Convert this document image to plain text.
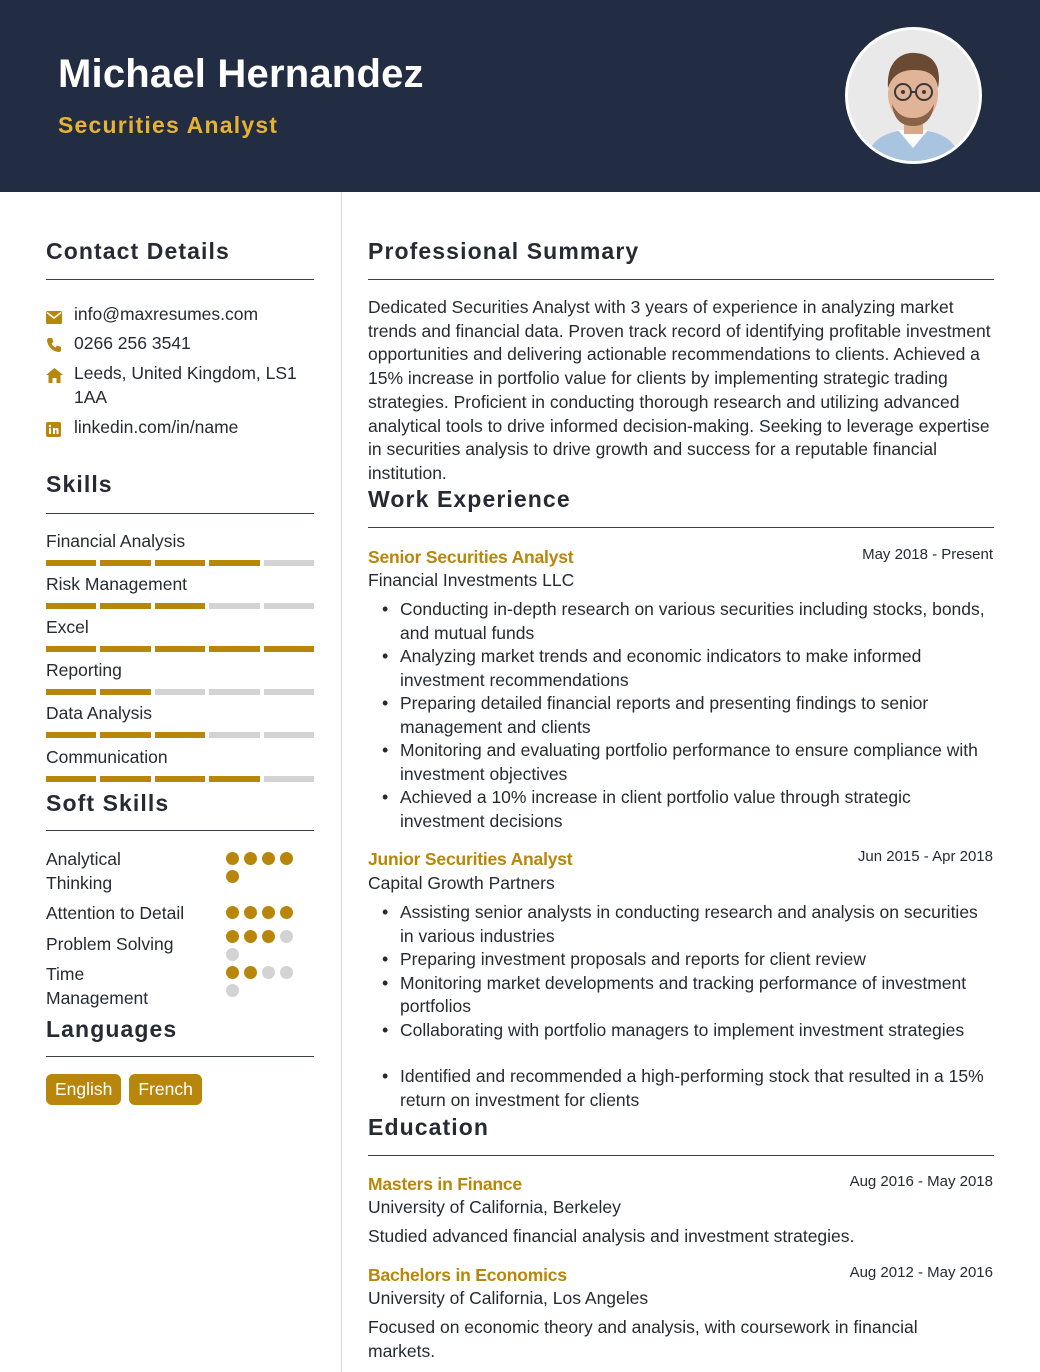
Michael Hernandez
Securities Analyst
Contact Details
info@maxresumes.com
0266 256 3541
Leeds, United Kingdom, LS1 1AA
linkedin.com/in/name
Skills
Financial Analysis
Risk Management
Excel
Reporting
Data Analysis
Communication
Soft Skills
Analytical Thinking
Attention to Detail
Problem Solving
Time Management
Languages
English	French
Professional Summary
Dedicated Securities Analyst with 3 years of experience in analyzing market trends and financial data. Proven track record of identifying profitable investment opportunities and delivering actionable recommendations to clients. Achieved a 15% increase in portfolio value for clients by implementing strategic trading strategies. Proficient in conducting thorough research and utilizing advanced analytical tools to drive informed decision-making. Seeking to leverage expertise in securities analysis to drive growth and success for a reputable financial institution.
Work Experience
Senior Securities Analyst	May 2018 - Present
Financial Investments LLC
• Conducting in-depth research on various securities including stocks, bonds, and mutual funds
• Analyzing market trends and economic indicators to make informed investment recommendations
• Preparing detailed financial reports and presenting findings to senior management and clients
• Monitoring and evaluating portfolio performance to ensure compliance with investment objectives
• Achieved a 10% increase in client portfolio value through strategic investment decisions
Junior Securities Analyst	Jun 2015 - Apr 2018
Capital Growth Partners
• Assisting senior analysts in conducting research and analysis on securities in various industries
• Preparing investment proposals and reports for client review
• Monitoring market developments and tracking performance of investment portfolios
• Collaborating with portfolio managers to implement investment strategies
• Identified and recommended a high-performing stock that resulted in a 15% return on investment for clients
Education
Masters in Finance	Aug 2016 - May 2018
University of California, Berkeley
Studied advanced financial analysis and investment strategies.
Bachelors in Economics	Aug 2012 - May 2016
University of California, Los Angeles
Focused on economic theory and analysis, with coursework in financial markets.
